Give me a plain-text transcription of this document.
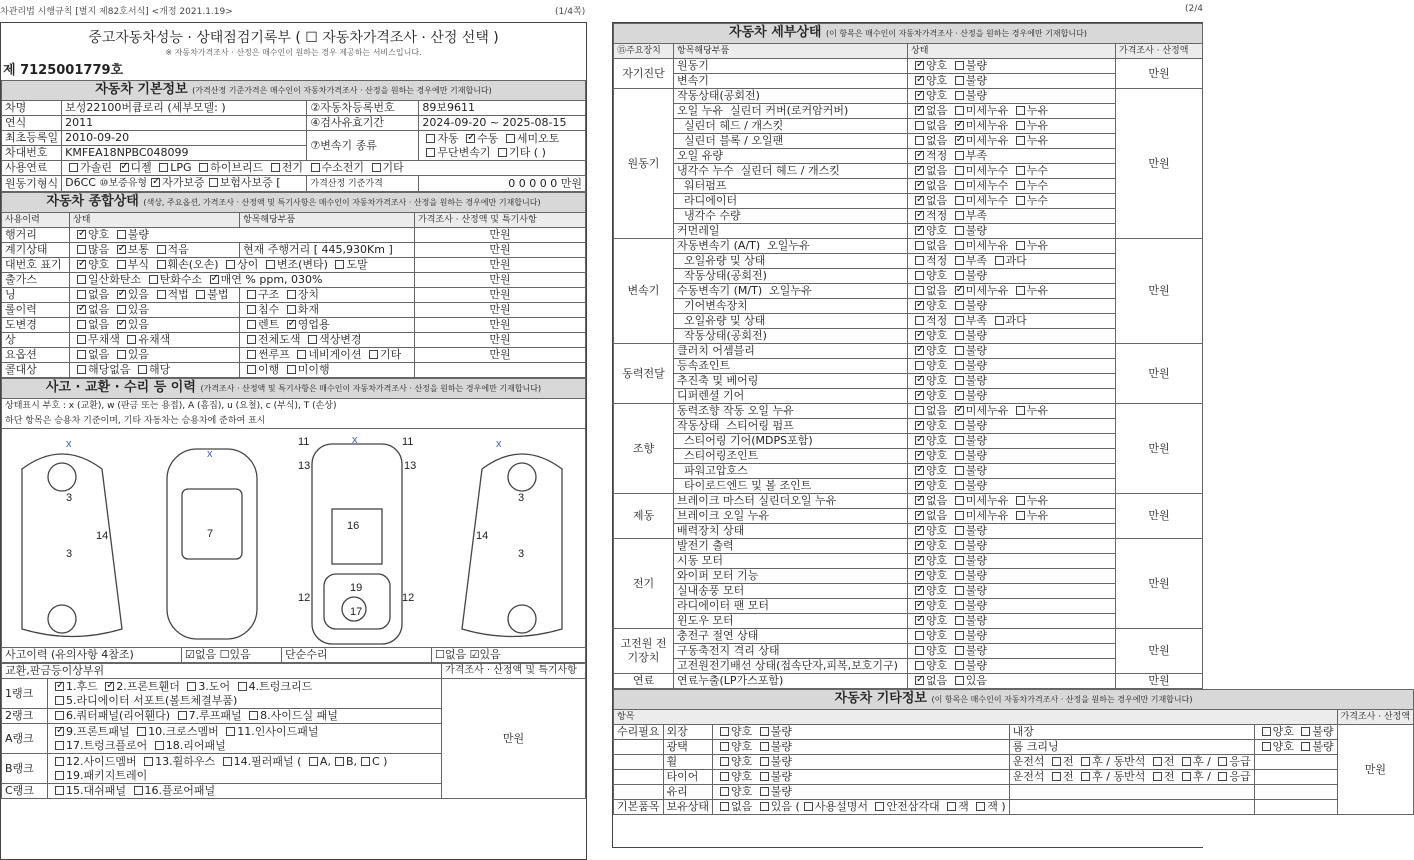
차관리법 시행규칙 [별지 제82호서식] <개정 2021.1.19>	(1/4쪽)	(2/4
중고자동차성능 · 상태점검기록부 ( ☐ 자동차가격조사 · 산정 선택 )
※ 자동차가격조사 · 산정은 매수인이 원하는 경우 제공하는 서비스입니다.
제 7125001779호
자동차 기본정보 (가격산정 기준가격은 매수인이 자동차가격조사 · 산정을 원하는 경우에만 기재합니다)			
차명	보성22100버큠로리 (세부모델: )	②자동차등록번호	89보9611
연식	2011	④검사유효기간	2024-09-20 ~ 2025-08-15
최초등록일	2010-09-20	⑦변속기 종류	자동 ✓ 수동 세미오토
무단변속기 기타 ( )
차대번호	KMFEA18NPBC048099		
사용연료	가솔린 ✓ 디젤 LPG 하이브리드 전기 수소전기 기타
원동기형식	D6CC ⑩보증유형 ✓ 자가보증 보험사보증 [	가격산정 기준가격	0 0 0 0 0 만원
자동차 종합상태 (색상, 주요옵션, 가격조사 · 산정액 및 특기사항은 매수인이 자동차가격조사 · 산정을 원하는 경우에만 기재합니다)			
사용이력	상태	항목해당부품	가격조사 · 산정액 및 특기사항
행거리	✓양호 불량		만원
계기상태	많음 ✓보통 적음	현재 주행거리 [ 445,930Km ]	만원
대번호 표기	✓양호 부식 훼손(오손) 상이 변조(변타) 도말		만원
출가스	일산화탄소 탄화수소 ✓매연 % ppm, 030%		만원
닝	없음 ✓있음 적법 불법	구조 장치	만원
롤이력	✓없음 있음	침수 화재	만원
도변경	없음 ✓있음	렌트 ✓영업용	만원
상	무채색 유채색	전체도색 색상변경	만원
요옵션	없음 있음	썬루프 네비게이션 기타	만원
콜대상	해당없음 해당	이행 미이행	
사고 · 교환 · 수리 등 이력 (가격조사 · 산정액 및 특기사항은 매수인이 자동차가격조사 · 산정을 원하는 경우에만 기재합니다)
상태표시 부호 : x (교환), w (판금 또는 용접), A (흠집), u (요철), c (부식), T (손상)
하단 항목은 승용차 기준이며, 기타 자동차는 승용차에 준하여 표시
3
3
14	7
16
19
17
11	11
13	13
12	12
3
3
14
x
x
x	x
사고이력 (유의사항 4참조)	☑없음 ☐있음	단순수리	☐없음 ☑있음
교환,판금등이상부위		가격조사 · 산정액 및 특기사항
1랭크	✓1.후드 ✓2.프론트휀더 3.도어 4.트렁크리드
5.라디에이터 서포트(볼트체결부품)	만원
2랭크	6.쿼터패널(리어휀다) 7.루프패널 8.사이드실 패널	
A랭크	✓9.프론트패널 10.크로스멤버 11.인사이드패널
17.트렁크플로어 18.리어패널
B랭크	12.사이드멤버 13.휠하우스 14.필러패널 ( A, B, C )
19.패키지트레이	
C랭크	15.대쉬패널 16.플로어패널	
자동차 세부상태 (이 항목은 매수인이 자동차가격조사 · 산정을 원하는 경우에만 기재합니다)			
⑮주요장치	항목해당부품	상태	가격조사 · 산정액
자기진단	원동기	✓양호 불량	만원
	변속기	✓양호 불량
원동기	작동상태(공회전)	✓양호 불량	만원
	오일 누유  실린더 커버(로커암커버)	✓없음 미세누유 누유
	실린더 헤드 / 개스킷	없음 ✓미세누유 누유
	실린더 블록 / 오일팬	없음 ✓미세누유 누유
	오일 유량	✓적정 부족
	냉각수 누수  실린더 헤드 / 개스킷	✓없음 미세누수 누수
	워터펌프	✓없음 미세누수 누수
	라디에이터	✓없음 미세누수 누수
	냉각수 수량	✓적정 부족
	커먼레일	✓양호 불량
변속기	자동변속기 (A/T)  오일누유	없음 미세누유 누유	만원
	오일유량 및 상태	적정 부족 과다	
	작동상태(공회전)	양호 불량	
	수동변속기 (M/T)  오일누유	없음 ✓미세누유 누유
	기어변속장치	✓양호 불량
	오일유량 및 상태	적정 부족 과다	
	작동상태(공회전)	✓양호 불량
동력전달	클러치 어셈블리	✓양호 불량	만원
	등속죠인트	양호 불량	
	추진축 및 베어링	✓양호 불량
	디퍼렌셜 기어	✓양호 불량
조향	동력조향 작동 오일 누유	없음 ✓미세누유 누유	만원
	작동상태  스티어링 펌프	✓양호 불량
	스티어링 기어(MDPS포함)	✓양호 불량
	스티어링조인트	✓양호 불량
	파워고압호스	✓양호 불량
	타이로드엔드 및 볼 조인트	✓양호 불량
제동	브레이크 마스터 실린더오일 누유	✓없음 미세누유 누유	만원
	브레이크 오일 누유	✓없음 미세누유 누유
	배력장치 상태	✓양호 불량
전기	발전기 출력	✓양호 불량	만원
	시동 모터	✓양호 불량
	와이퍼 모터 기능	✓양호 불량
	실내송풍 모터	✓양호 불량
	라디에이터 팬 모터	✓양호 불량
	윈도우 모터	✓양호 불량
고전원 전기장치	충전구 절연 상태	양호 불량	만원
	구동축전지 격리 상태	양호 불량	
	고전원전기배선 상태(접속단자,피복,보호기구)	양호 불량	
연료	연료누출(LP가스포함)	✓없음 있음	만원
자동차 기타정보 (이 항목은 매수인이 자동차가격조사 · 산정을 원하는 경우에만 기재합니다)					
항목					가격조사 · 산정액
수리필요	외장	양호 불량	내장	양호 불량	만원
	광택	양호 불량	룸 크리닝	양호 불량	
	휠	양호 불량	운전석 전 후 / 동반석 전 후 / 응급		
	타이어	양호 불량	운전석 전 후 / 동반석 전 후 / 응급		
	유리	양호 불량			
기본품목	보유상태	없음 있음 ( 사용설명서 안전삼각대 잭 잭 )			
